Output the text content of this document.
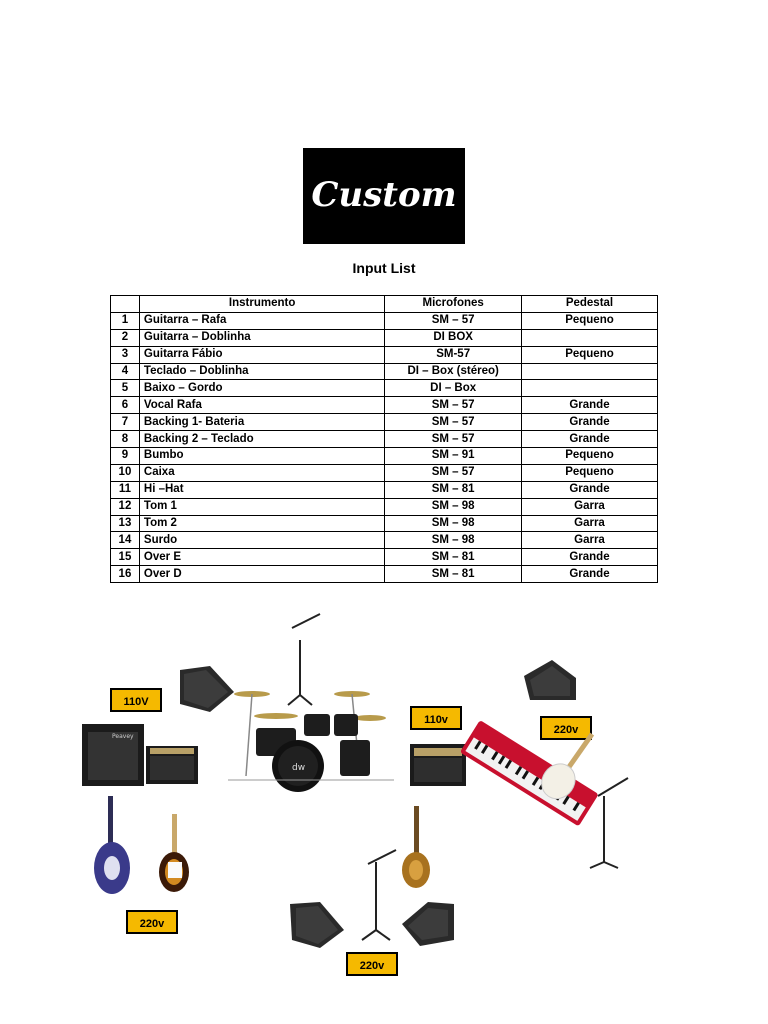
Custom
Input List
	Instrumento	Microfones	Pedestal
1	Guitarra – Rafa	SM – 57	Pequeno
2	Guitarra – Doblinha	DI BOX	
3	Guitarra Fábio	SM-57	Pequeno
4	Teclado – Doblinha	DI – Box (stéreo)	
5	Baixo – Gordo	DI – Box	
6	Vocal Rafa	SM – 57	Grande
7	Backing 1- Bateria	SM – 57	Grande
8	Backing 2 – Teclado	SM – 57	Grande
9	Bumbo	SM – 91	Pequeno
10	Caixa	SM – 57	Pequeno
11	Hi –Hat	SM – 81	Grande
12	Tom 1	SM – 98	Garra
13	Tom 2	SM – 98	Garra
14	Surdo	SM – 98	Garra
15	Over E	SM – 81	Grande
16	Over D	SM – 81	Grande
110V
110v
220v
220v
220v
Peavey
dw
